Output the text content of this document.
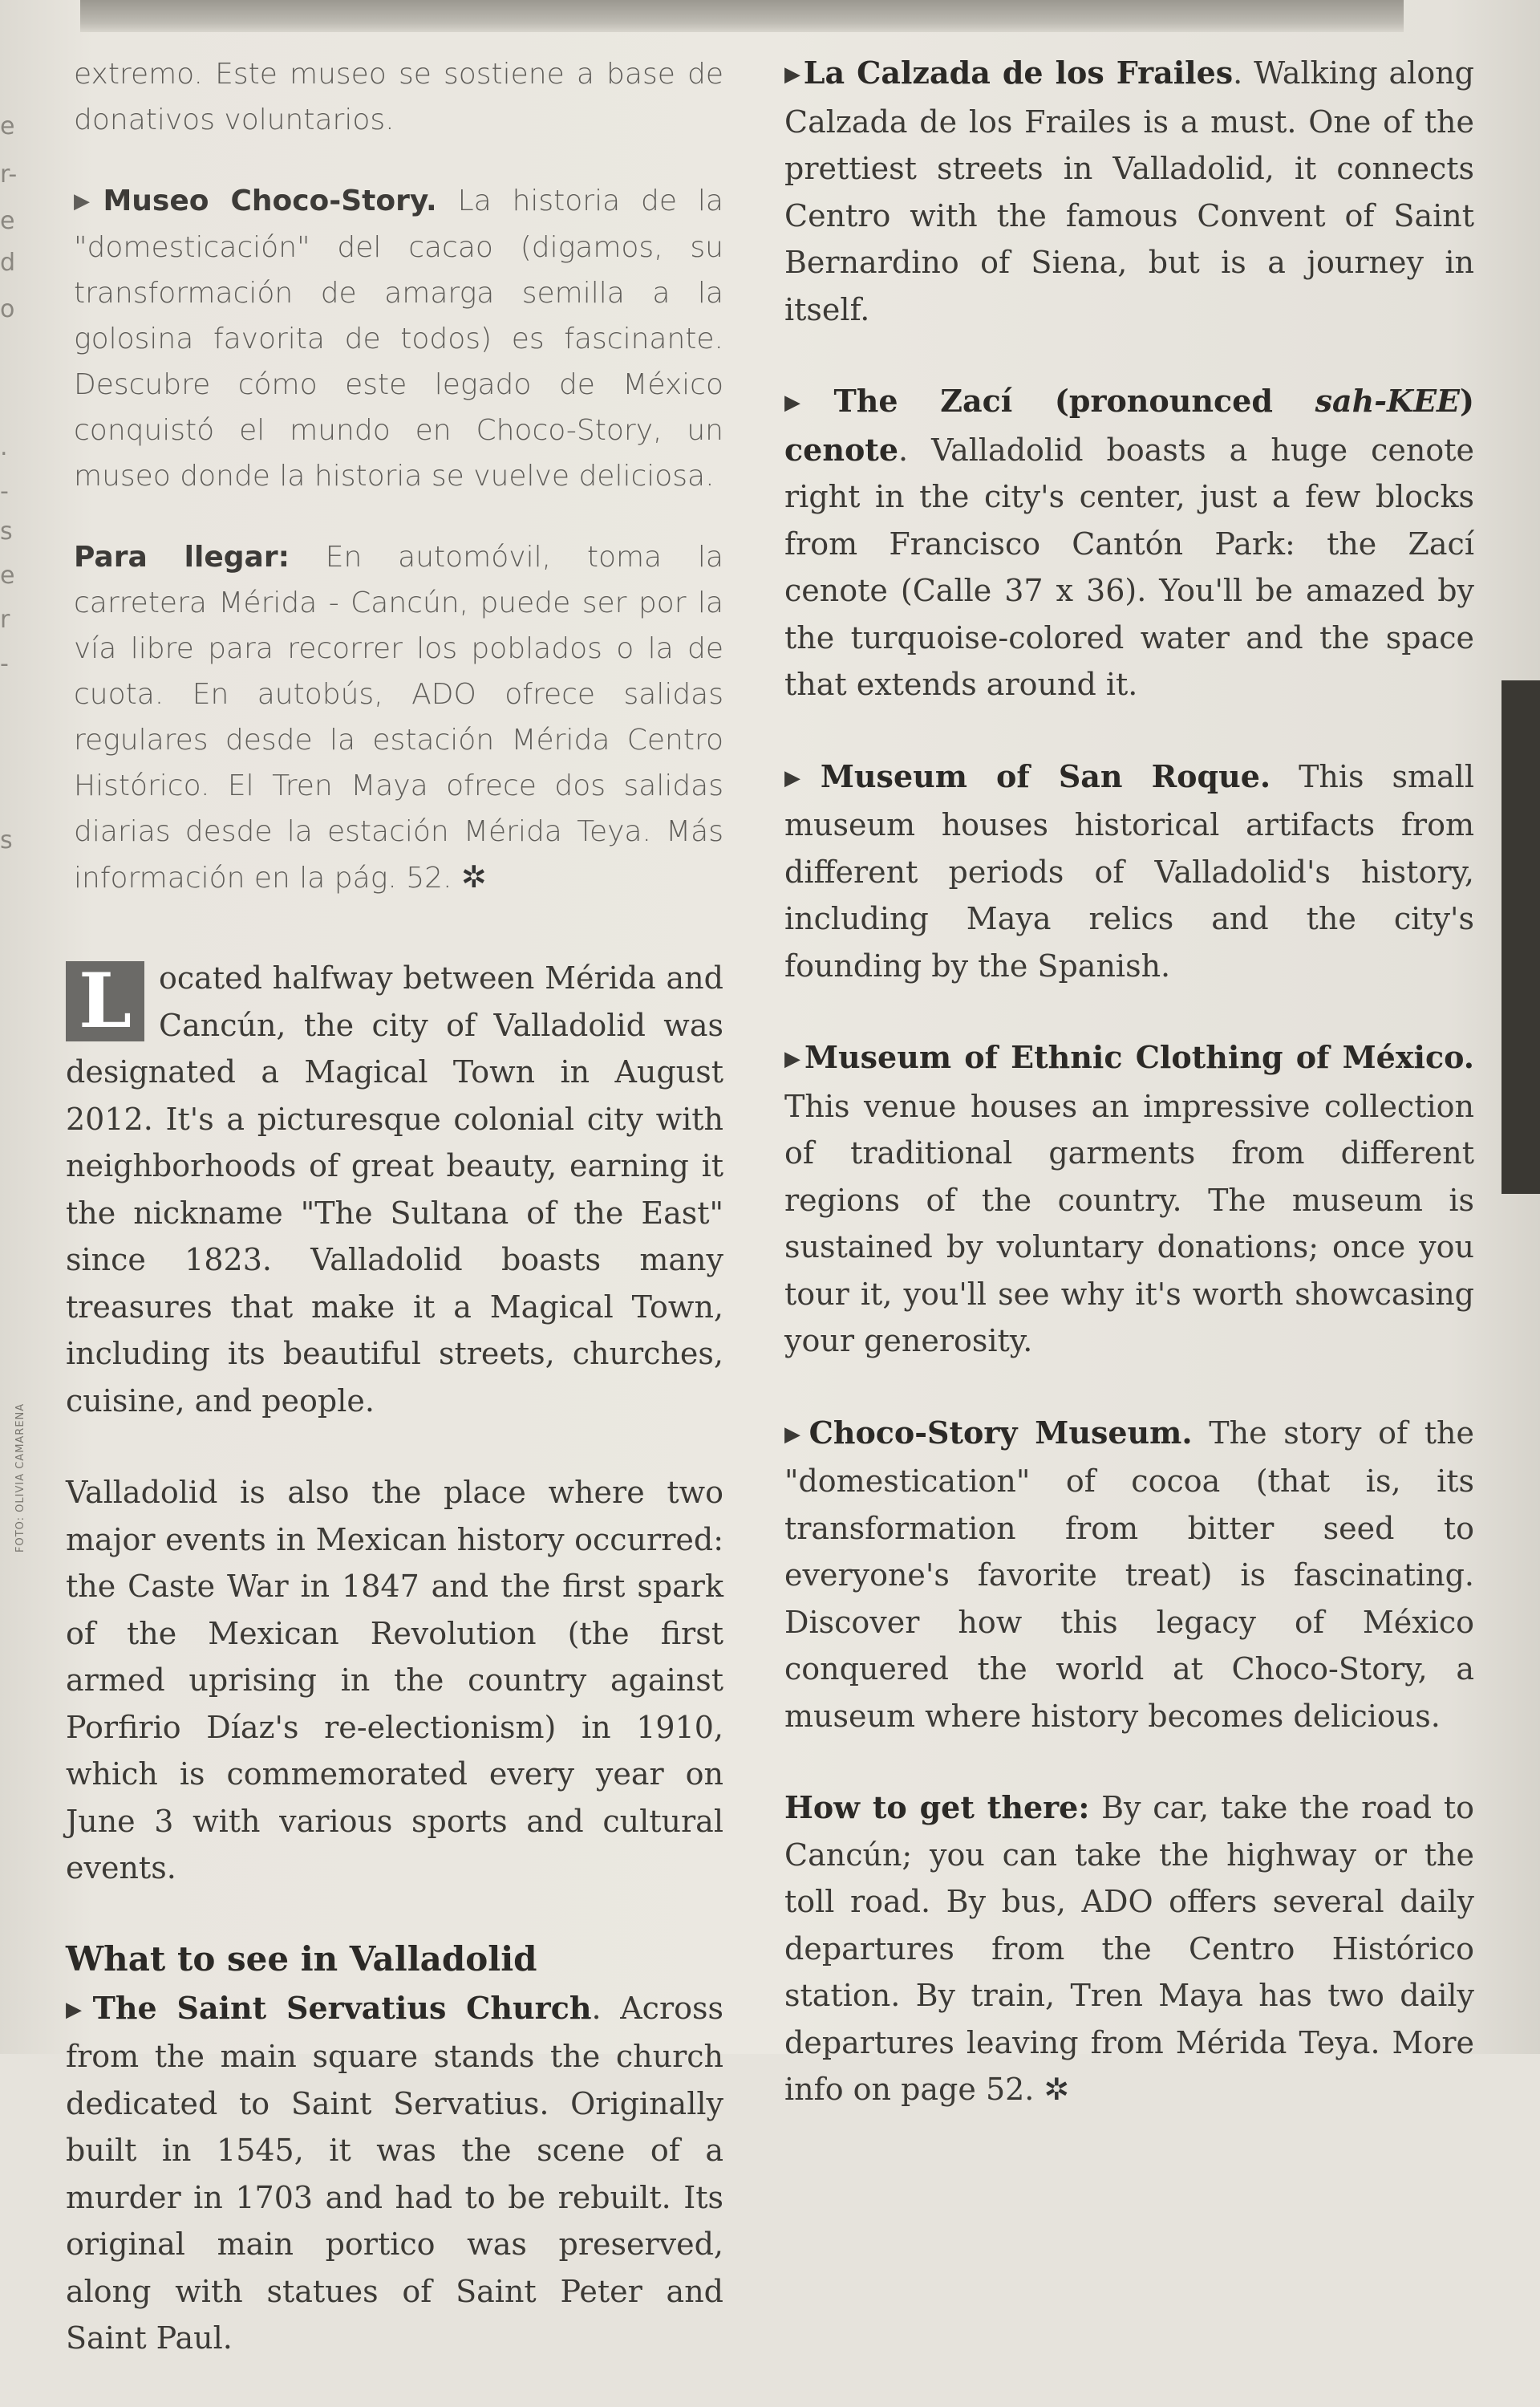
e
r-
e
d
o
.
-
s
e
r
-
s
FOTO: OLIVIA CAMARENA

extremo. Este museo se sostiene a base de donativos voluntarios.

▶Museo Choco-Story. La historia de la "domesticación" del cacao (digamos, su transformación de amarga semilla a la golosina favorita de todos) es fascinante. Descubre cómo este legado de México conquistó el mundo en Choco-Story, un museo donde la historia se vuelve deliciosa.

Para llegar: En automóvil, toma la carretera Mérida - Cancún, puede ser por la vía libre para recorrer los poblados o la de cuota. En autobús, ADO ofrece salidas regulares desde la estación Mérida Centro Histórico. El Tren Maya ofrece dos salidas diarias desde la estación Mérida Teya. Más información en la pág. 52. ✲

L ocated halfway between Mérida and Cancún, the city of Valladolid was designated a Magical Town in August 2012. It's a picturesque colonial city with neighborhoods of great beauty, earning it the nickname "The Sultana of the East" since 1823. Valladolid boasts many treasures that make it a Magical Town, including its beautiful streets, churches, cuisine, and people.

Valladolid is also the place where two major events in Mexican history occurred: the Caste War in 1847 and the first spark of the Mexican Revolution (the first armed uprising in the country against Porfirio Díaz's re-electionism) in 1910, which is commemorated every year on June 3 with various sports and cultural events.

What to see in Valladolid

▶The Saint Servatius Church. Across from the main square stands the church dedicated to Saint Servatius. Originally built in 1545, it was the scene of a murder in 1703 and had to be rebuilt. Its original main portico was preserved, along with statues of Saint Peter and Saint Paul.

▶La Calzada de los Frailes. Walking along Calzada de los Frailes is a must. One of the prettiest streets in Valladolid, it connects Centro with the famous Convent of Saint Bernardino of Siena, but is a journey in itself.

▶The Zací (pronounced sah-KEE) cenote. Valladolid boasts a huge cenote right in the city's center, just a few blocks from Francisco Cantón Park: the Zací cenote (Calle 37 x 36). You'll be amazed by the turquoise-colored water and the space that extends around it.

▶Museum of San Roque. This small museum houses historical artifacts from different periods of Valladolid's history, including Maya relics and the city's founding by the Spanish.

▶Museum of Ethnic Clothing of México. This venue houses an impressive collection of traditional garments from different regions of the country. The museum is sustained by voluntary donations; once you tour it, you'll see why it's worth showcasing your generosity.

▶Choco-Story Museum. The story of the "domestication" of cocoa (that is, its transformation from bitter seed to everyone's favorite treat) is fascinating. Discover how this legacy of México conquered the world at Choco-Story, a museum where history becomes delicious.

How to get there: By car, take the road to Cancún; you can take the highway or the toll road. By bus, ADO offers several daily departures from the Centro Histórico station. By train, Tren Maya has two daily departures leaving from Mérida Teya. More info on page 52. ✲
